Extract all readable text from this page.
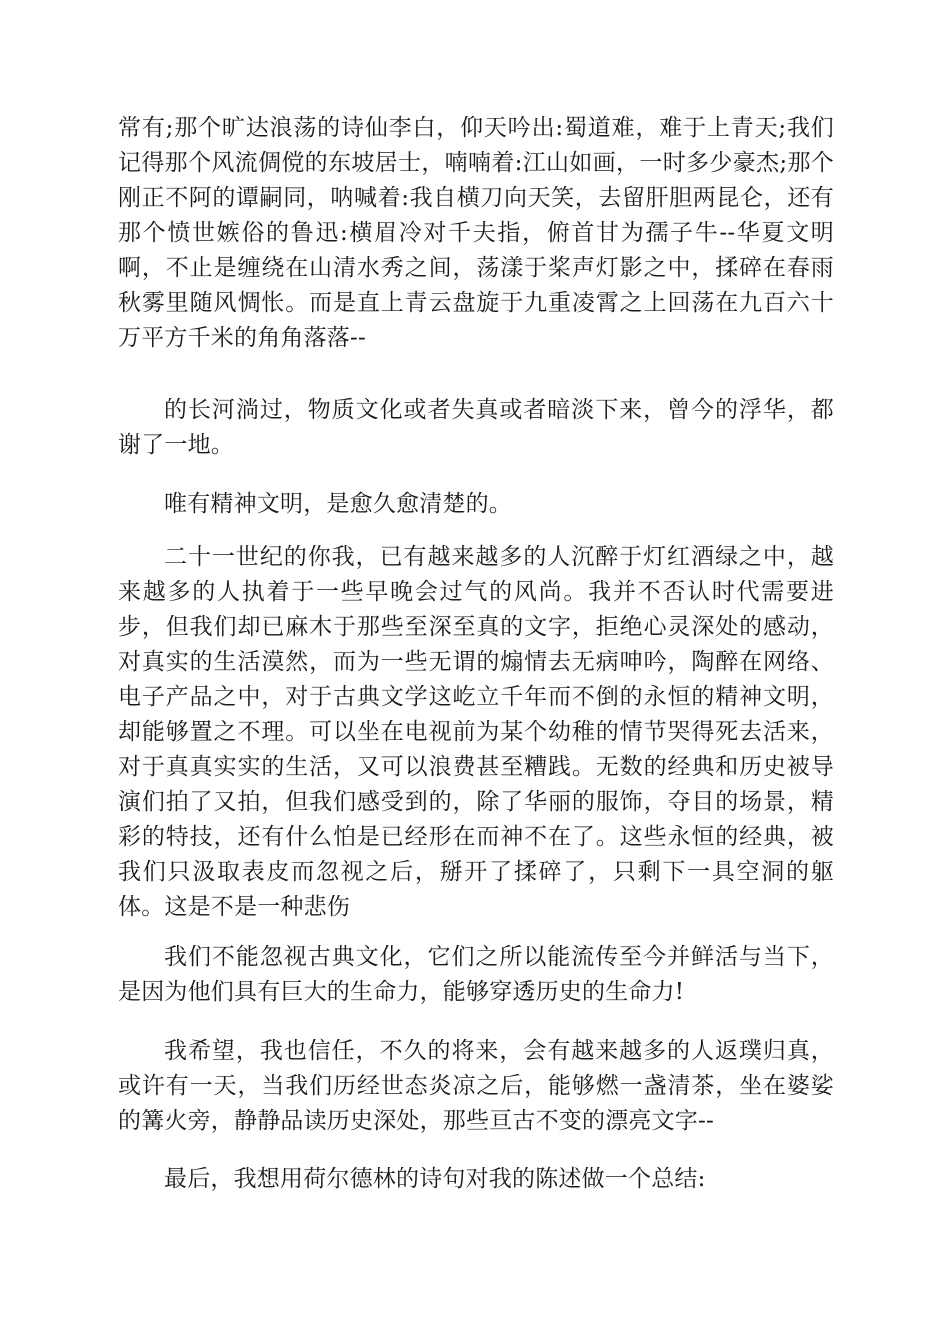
常有;那个旷达浪荡的诗仙李白，仰天吟出:蜀道难，难于上青天;我们记得那个风流倜傥的东坡居士，喃喃着:江山如画，一时多少豪杰;那个刚正不阿的谭嗣同，呐喊着:我自横刀向天笑，去留肝胆两昆仑，还有那个愤世嫉俗的鲁迅:横眉冷对千夫指，俯首甘为孺子牛--华夏文明啊，不止是缠绕在山清水秀之间，荡漾于桨声灯影之中，揉碎在春雨秋雾里随风惆怅。而是直上青云盘旋于九重凌霄之上回荡在九百六十万平方千米的角角落落--

的长河淌过，物质文化或者失真或者暗淡下来，曾今的浮华，都谢了一地。

唯有精神文明，是愈久愈清楚的。

二十一世纪的你我，已有越来越多的人沉醉于灯红酒绿之中，越来越多的人执着于一些早晚会过气的风尚。我并不否认时代需要进步，但我们却已麻木于那些至深至真的文字，拒绝心灵深处的感动，对真实的生活漠然，而为一些无谓的煽情去无病呻吟，陶醉在网络、电子产品之中，对于古典文学这屹立千年而不倒的永恒的精神文明，却能够置之不理。可以坐在电视前为某个幼稚的情节哭得死去活来，对于真真实实的生活，又可以浪费甚至糟践。无数的经典和历史被导演们拍了又拍，但我们感受到的，除了华丽的服饰，夺目的场景，精彩的特技，还有什么怕是已经形在而神不在了。这些永恒的经典，被我们只汲取表皮而忽视之后，掰开了揉碎了，只剩下一具空洞的躯体。这是不是一种悲伤

我们不能忽视古典文化，它们之所以能流传至今并鲜活与当下，是因为他们具有巨大的生命力，能够穿透历史的生命力!

我希望，我也信任，不久的将来，会有越来越多的人返璞归真，或许有一天，当我们历经世态炎凉之后，能够燃一盏清茶，坐在婆娑的篝火旁，静静品读历史深处，那些亘古不变的漂亮文字--

最后，我想用荷尔德林的诗句对我的陈述做一个总结:
